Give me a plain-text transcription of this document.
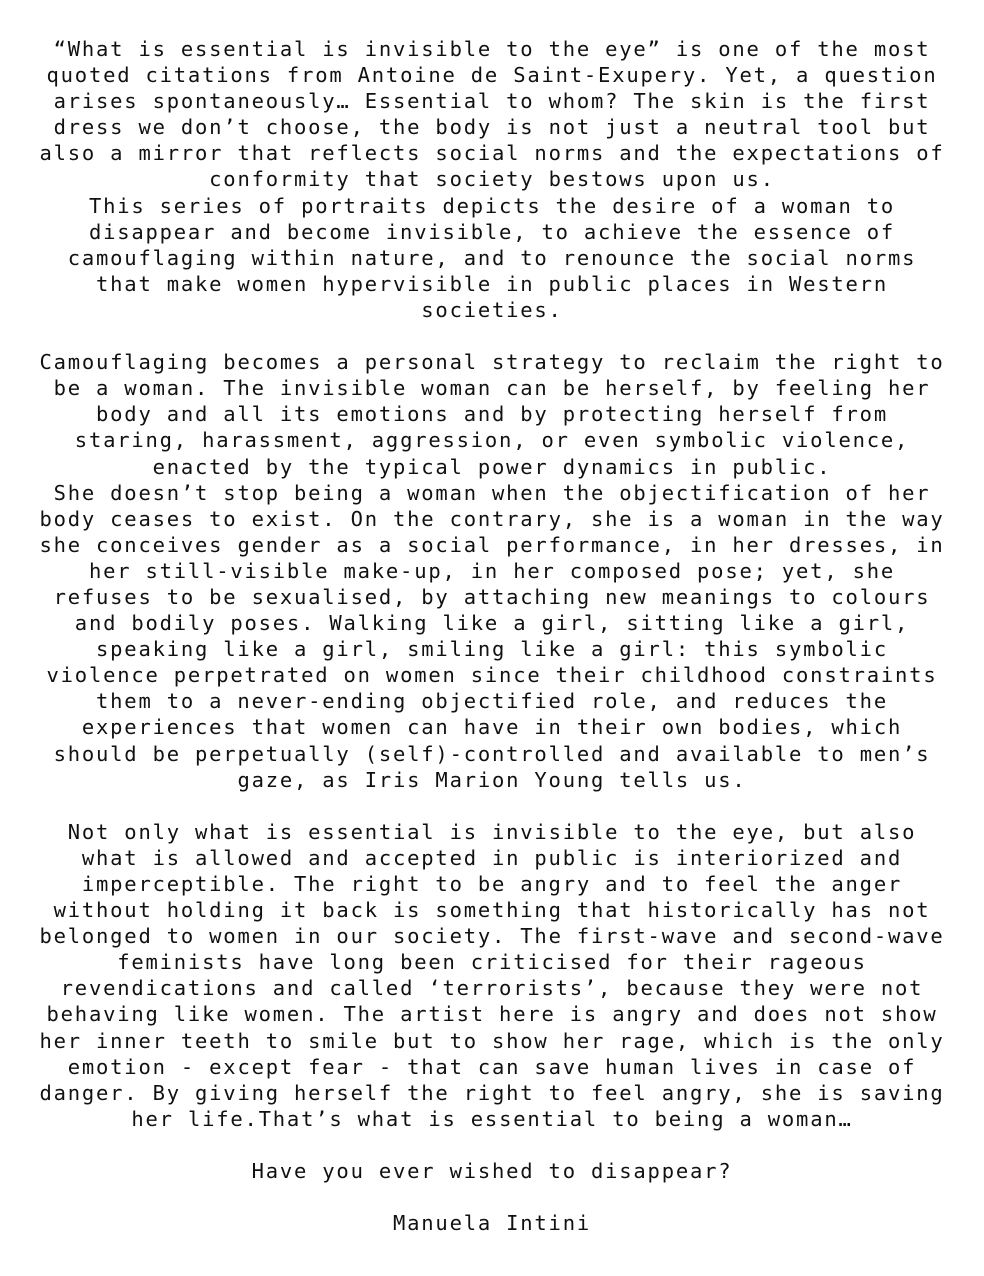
“What is essential is invisible to the eye” is one of the most
quoted citations from Antoine de Saint-Exupery. Yet, a question
arises spontaneously… Essential to whom? The skin is the first
dress we don’t choose, the body is not just a neutral tool but
also a mirror that reflects social norms and the expectations of
conformity that society bestows upon us.
This series of portraits depicts the desire of a woman to
disappear and become invisible, to achieve the essence of
camouflaging within nature, and to renounce the social norms
that make women hypervisible in public places in Western
societies.
Camouflaging becomes a personal strategy to reclaim the right to
be a woman. The invisible woman can be herself, by feeling her
body and all its emotions and by protecting herself from
staring, harassment, aggression, or even symbolic violence,
enacted by the typical power dynamics in public.
She doesn’t stop being a woman when the objectification of her
body ceases to exist. On the contrary, she is a woman in the way
she conceives gender as a social performance, in her dresses, in
her still-visible make-up, in her composed pose; yet, she
refuses to be sexualised, by attaching new meanings to colours
and bodily poses. Walking like a girl, sitting like a girl,
speaking like a girl, smiling like a girl: this symbolic
violence perpetrated on women since their childhood constraints
them to a never-ending objectified role, and reduces the
experiences that women can have in their own bodies, which
should be perpetually (self)-controlled and available to men’s
gaze, as Iris Marion Young tells us.
Not only what is essential is invisible to the eye, but also
what is allowed and accepted in public is interiorized and
imperceptible. The right to be angry and to feel the anger
without holding it back is something that historically has not
belonged to women in our society. The first-wave and second-wave
feminists have long been criticised for their rageous
revendications and called ‘terrorists’, because they were not
behaving like women. The artist here is angry and does not show
her inner teeth to smile but to show her rage, which is the only
emotion - except fear - that can save human lives in case of
danger. By giving herself the right to feel angry, she is saving
her life.That’s what is essential to being a woman…
Have you ever wished to disappear?
Manuela Intini
